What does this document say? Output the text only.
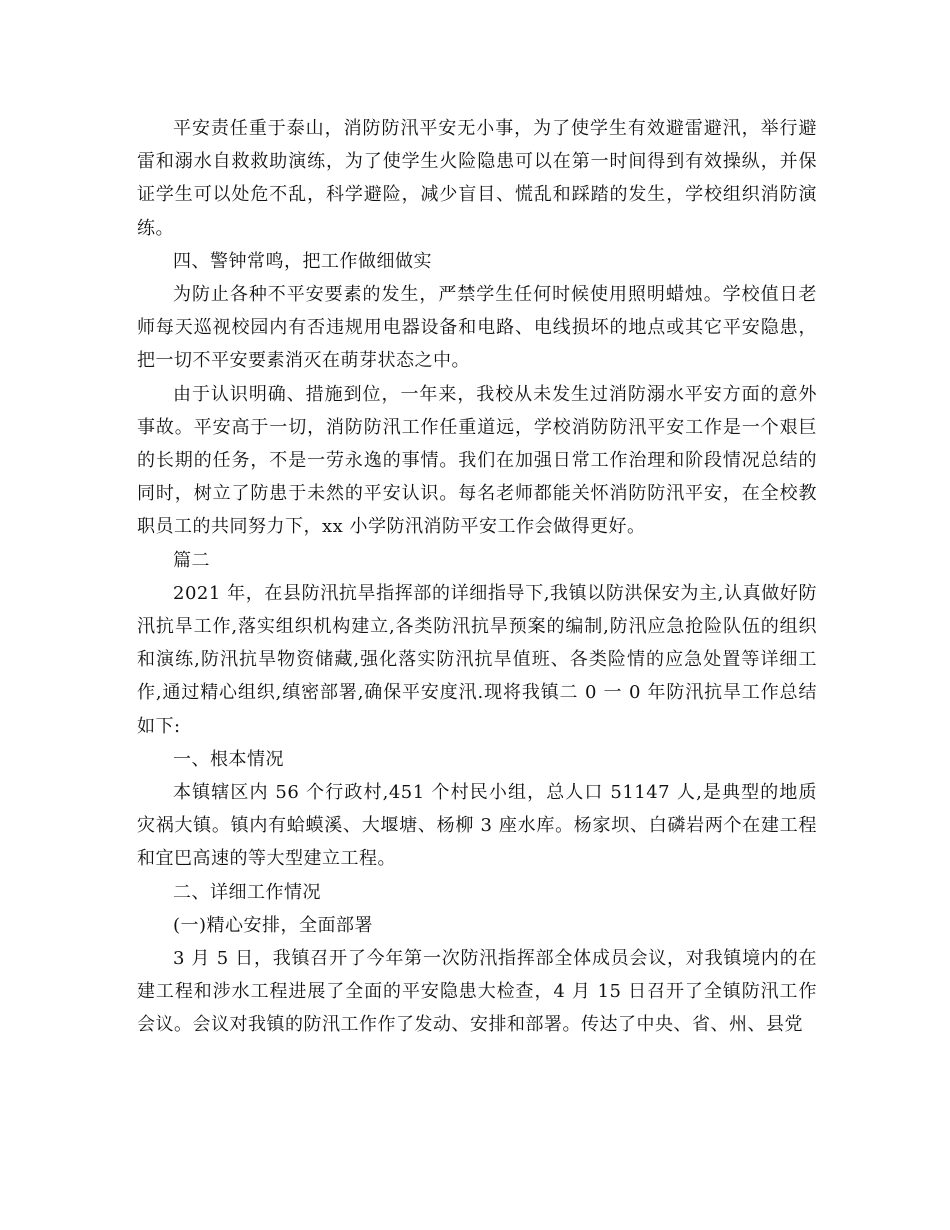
平安责任重于泰山，消防防汛平安无小事，为了使学生有效避雷避汛，举行避雷和溺水自救救助演练，为了使学生火险隐患可以在第一时间得到有效操纵，并保证学生可以处危不乱，科学避险，减少盲目、慌乱和踩踏的发生，学校组织消防演练。

四、警钟常鸣，把工作做细做实

为防止各种不平安要素的发生，严禁学生任何时候使用照明蜡烛。学校值日老师每天巡视校园内有否违规用电器设备和电路、电线损坏的地点或其它平安隐患，把一切不平安要素消灭在萌芽状态之中。

由于认识明确、措施到位，一年来，我校从未发生过消防溺水平安方面的意外事故。平安高于一切，消防防汛工作任重道远，学校消防防汛平安工作是一个艰巨的长期的任务，不是一劳永逸的事情。我们在加强日常工作治理和阶段情况总结的同时，树立了防患于未然的平安认识。每名老师都能关怀消防防汛平安，在全校教职员工的共同努力下，xx 小学防汛消防平安工作会做得更好。

篇二

2021 年，在县防汛抗旱指挥部的详细指导下,我镇以防洪保安为主,认真做好防汛抗旱工作,落实组织机构建立,各类防汛抗旱预案的编制,防汛应急抢险队伍的组织和演练,防汛抗旱物资储藏,强化落实防汛抗旱值班、各类险情的应急处置等详细工作,通过精心组织,缜密部署,确保平安度汛.现将我镇二 0 一 0 年防汛抗旱工作总结如下:

一、根本情况

本镇辖区内 56 个行政村,451 个村民小组，总人口 51147 人,是典型的地质灾祸大镇。镇内有蛤蟆溪、大堰塘、杨柳 3 座水库。杨家坝、白磷岩两个在建工程和宜巴高速的等大型建立工程。

二、详细工作情况

(一)精心安排，全面部署

3 月 5 日，我镇召开了今年第一次防汛指挥部全体成员会议，对我镇境内的在建工程和涉水工程进展了全面的平安隐患大检查，4 月 15 日召开了全镇防汛工作会议。会议对我镇的防汛工作作了发动、安排和部署。传达了中央、省、州、县党
